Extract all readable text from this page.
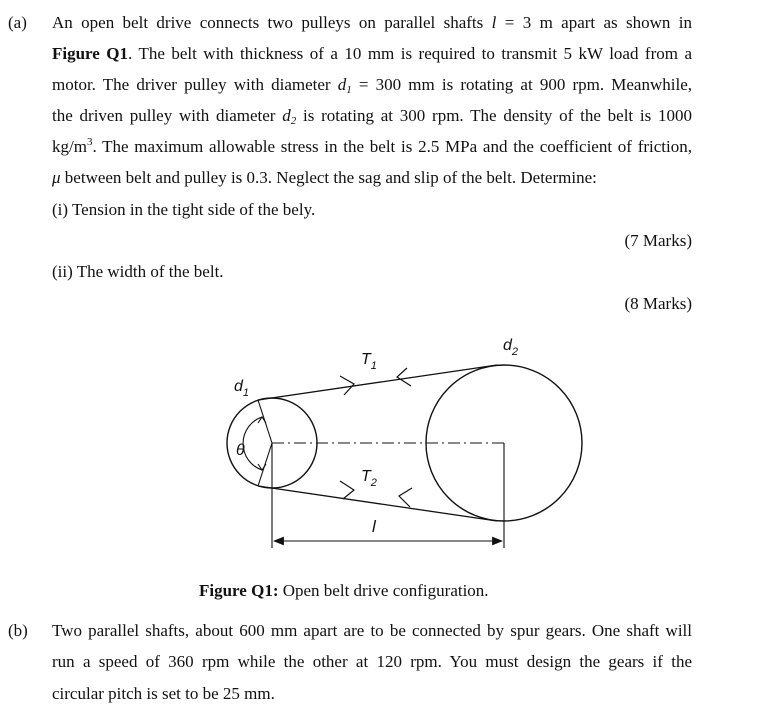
(a) An open belt drive connects two pulleys on parallel shafts l = 3 m apart as shown in
Figure Q1. The belt with thickness of a 10 mm is required to transmit 5 kW load from a
motor. The driver pulley with diameter $d_1 = 300$ mm is rotating at 900 rpm. Meanwhile,
the driven pulley with diameter $d_2$ is rotating at 300 rpm. The density of the belt is 1000
$kg/m^3$. The maximum allowable stress in the belt is 2.5 MPa and the coefficient of friction,
μ between belt and pulley is 0.3. Neglect the sag and slip of the belt. Determine:
(i) Tension in the tight side of the bely.
(7 Marks)
(ii) The width of the belt.
(8 Marks)
$d_1$
$d_2$
$T_1$
$T_2$
θ
l
Figure Q1: Open belt drive configuration.
(b) Two parallel shafts, about 600 mm apart are to be connected by spur gears. One shaft will
run a speed of 360 rpm while the other at 120 rpm. You must design the gears if the
circular pitch is set to be 25 mm.
